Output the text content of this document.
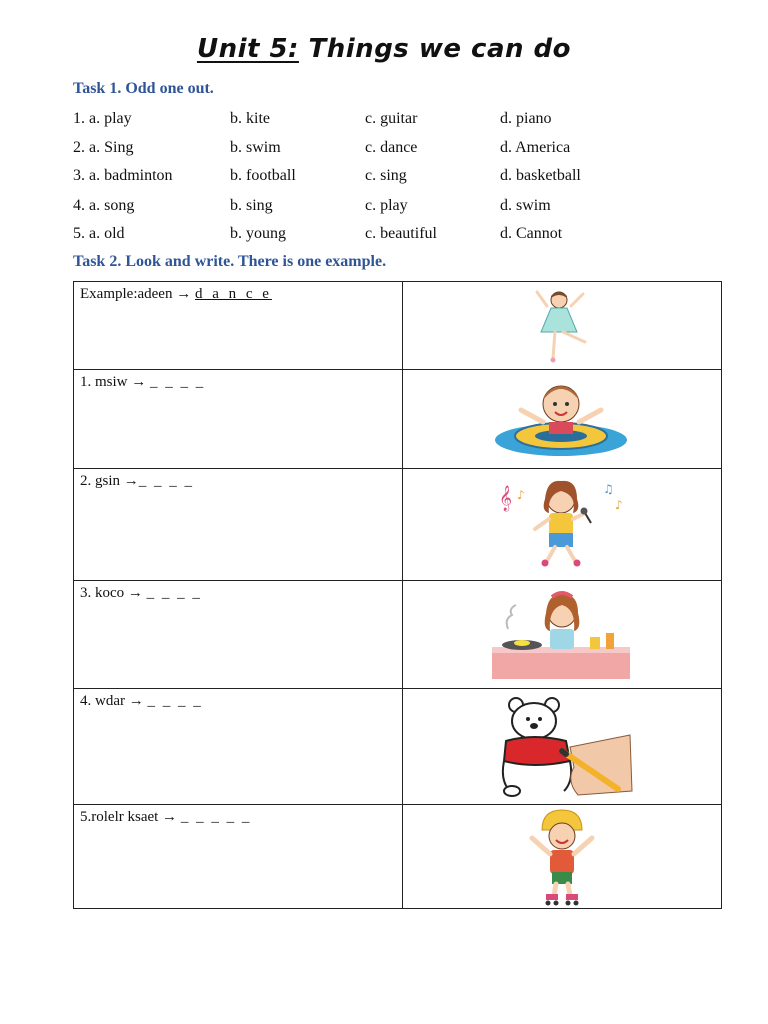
Unit 5: Things we can do
Task 1. Odd one out.
1. a. play	b. kite	c. guitar	d. piano
2. a. Sing	b. swim	c. dance	d. America
3. a. badminton	b. football	c. sing	d. basketball
4. a. song	b. sing	c. play	d. swim
5. a. old	b. young	c. beautiful	d. Cannot
Task 2. Look and write. There is one example.
Example:adeen → d a n c e	

1. msiw → _ _ _ _	

2. gsin →_ _ _ _	𝄞 ♪ ♫
♪

3. koco → _ _ _ _	

4. wdar → _ _ _ _	

5.rolelr ksaet → _ _ _ _ _	
